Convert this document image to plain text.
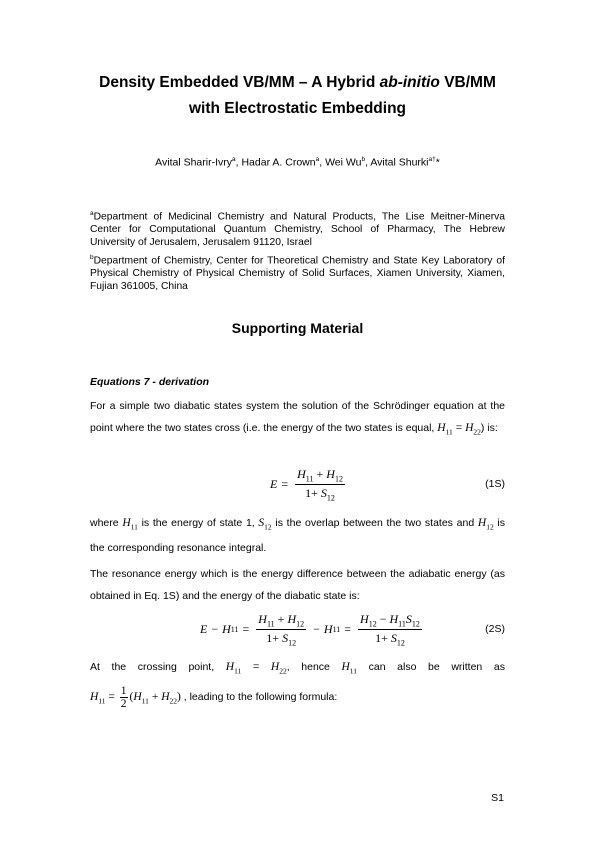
Density Embedded VB/MM – A Hybrid ab-initio VB/MM
with Electrostatic Embedding
Avital Sharir-Ivry$^a$, Hadar A. Crown$^a$, Wei Wu$^b$, Avital Shurki$^{a\dagger}$*
$^a$Department of Medicinal Chemistry and Natural Products, The Lise Meitner-Minerva Center for Computational Quantum Chemistry, School of Pharmacy, The Hebrew University of Jerusalem, Jerusalem 91120, Israel
$^b$Department of Chemistry, Center for Theoretical Chemistry and State Key Laboratory of Physical Chemistry of Physical Chemistry of Solid Surfaces, Xiamen University, Xiamen, Fujian 361005, China
Supporting Material
Equations 7 - derivation
For a simple two diabatic states system the solution of the Schrödinger equation at the point where the two states cross (i.e. the energy of the two states is equal, $H_{11} = H_{22}$) is:
$E = \frac{H_{11} + H_{12}}{1+ S_{12}}$	(1S)
where $H_{11}$ is the energy of state 1, $S_{12}$ is the overlap between the two states and $H_{12}$ is the corresponding resonance integral.
The resonance energy which is the energy difference between the adiabatic energy (as obtained in Eq. 1S) and the energy of the diabatic state is:
E − H $11 = \frac{H_{11} + H_{12}}{1+ S_{12}} - H$ $11 = \frac{H_{12} - H_{11}S_{12}}{1+ S_{12}}$	(2S)
At the crossing point, $H_{11} = H_{22}$, hence $H_{11}$ can also be written as
$H_{11} = \frac{1}{2} (H_{11} + H_{22})$ , leading to the following formula:
S1
